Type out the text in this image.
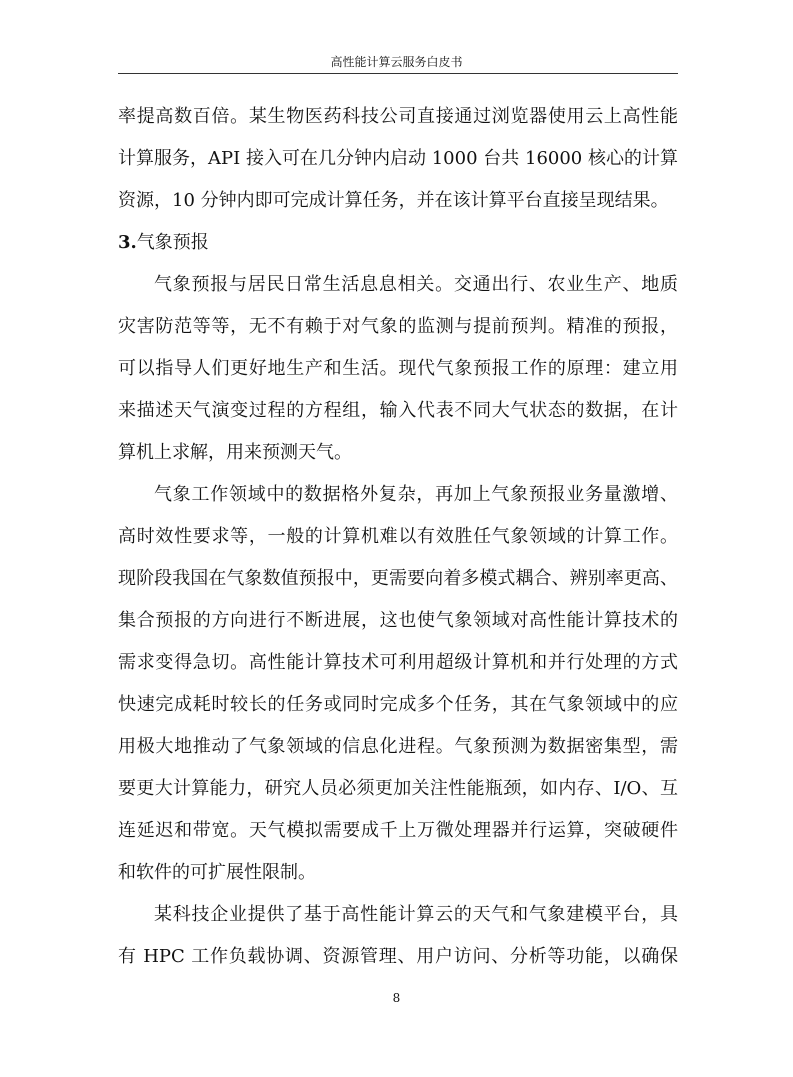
高性能计算云服务白皮书
率提高数百倍。某生物医药科技公司直接通过浏览器使用云上高性能
计算服务，API 接入可在几分钟内启动 1000 台共 16000 核心的计算
资源，10 分钟内即可完成计算任务，并在该计算平台直接呈现结果。
3.气象预报
气象预报与居民日常生活息息相关。交通出行、农业生产、地质
灾害防范等等，无不有赖于对气象的监测与提前预判。精准的预报，
可以指导人们更好地生产和生活。现代气象预报工作的原理：建立用
来描述天气演变过程的方程组，输入代表不同大气状态的数据，在计
算机上求解，用来预测天气。
气象工作领域中的数据格外复杂，再加上气象预报业务量激增、
高时效性要求等，一般的计算机难以有效胜任气象领域的计算工作。
现阶段我国在气象数值预报中，更需要向着多模式耦合、辨别率更高、
集合预报的方向进行不断进展，这也使气象领域对高性能计算技术的
需求变得急切。高性能计算技术可利用超级计算机和并行处理的方式
快速完成耗时较长的任务或同时完成多个任务，其在气象领域中的应
用极大地推动了气象领域的信息化进程。气象预测为数据密集型，需
要更大计算能力，研究人员必须更加关注性能瓶颈，如内存、I/O、互
连延迟和带宽。天气模拟需要成千上万微处理器并行运算，突破硬件
和软件的可扩展性限制。
某科技企业提供了基于高性能计算云的天气和气象建模平台，具
有 HPC 工作负载协调、资源管理、用户访问、分析等功能，以确保
8
